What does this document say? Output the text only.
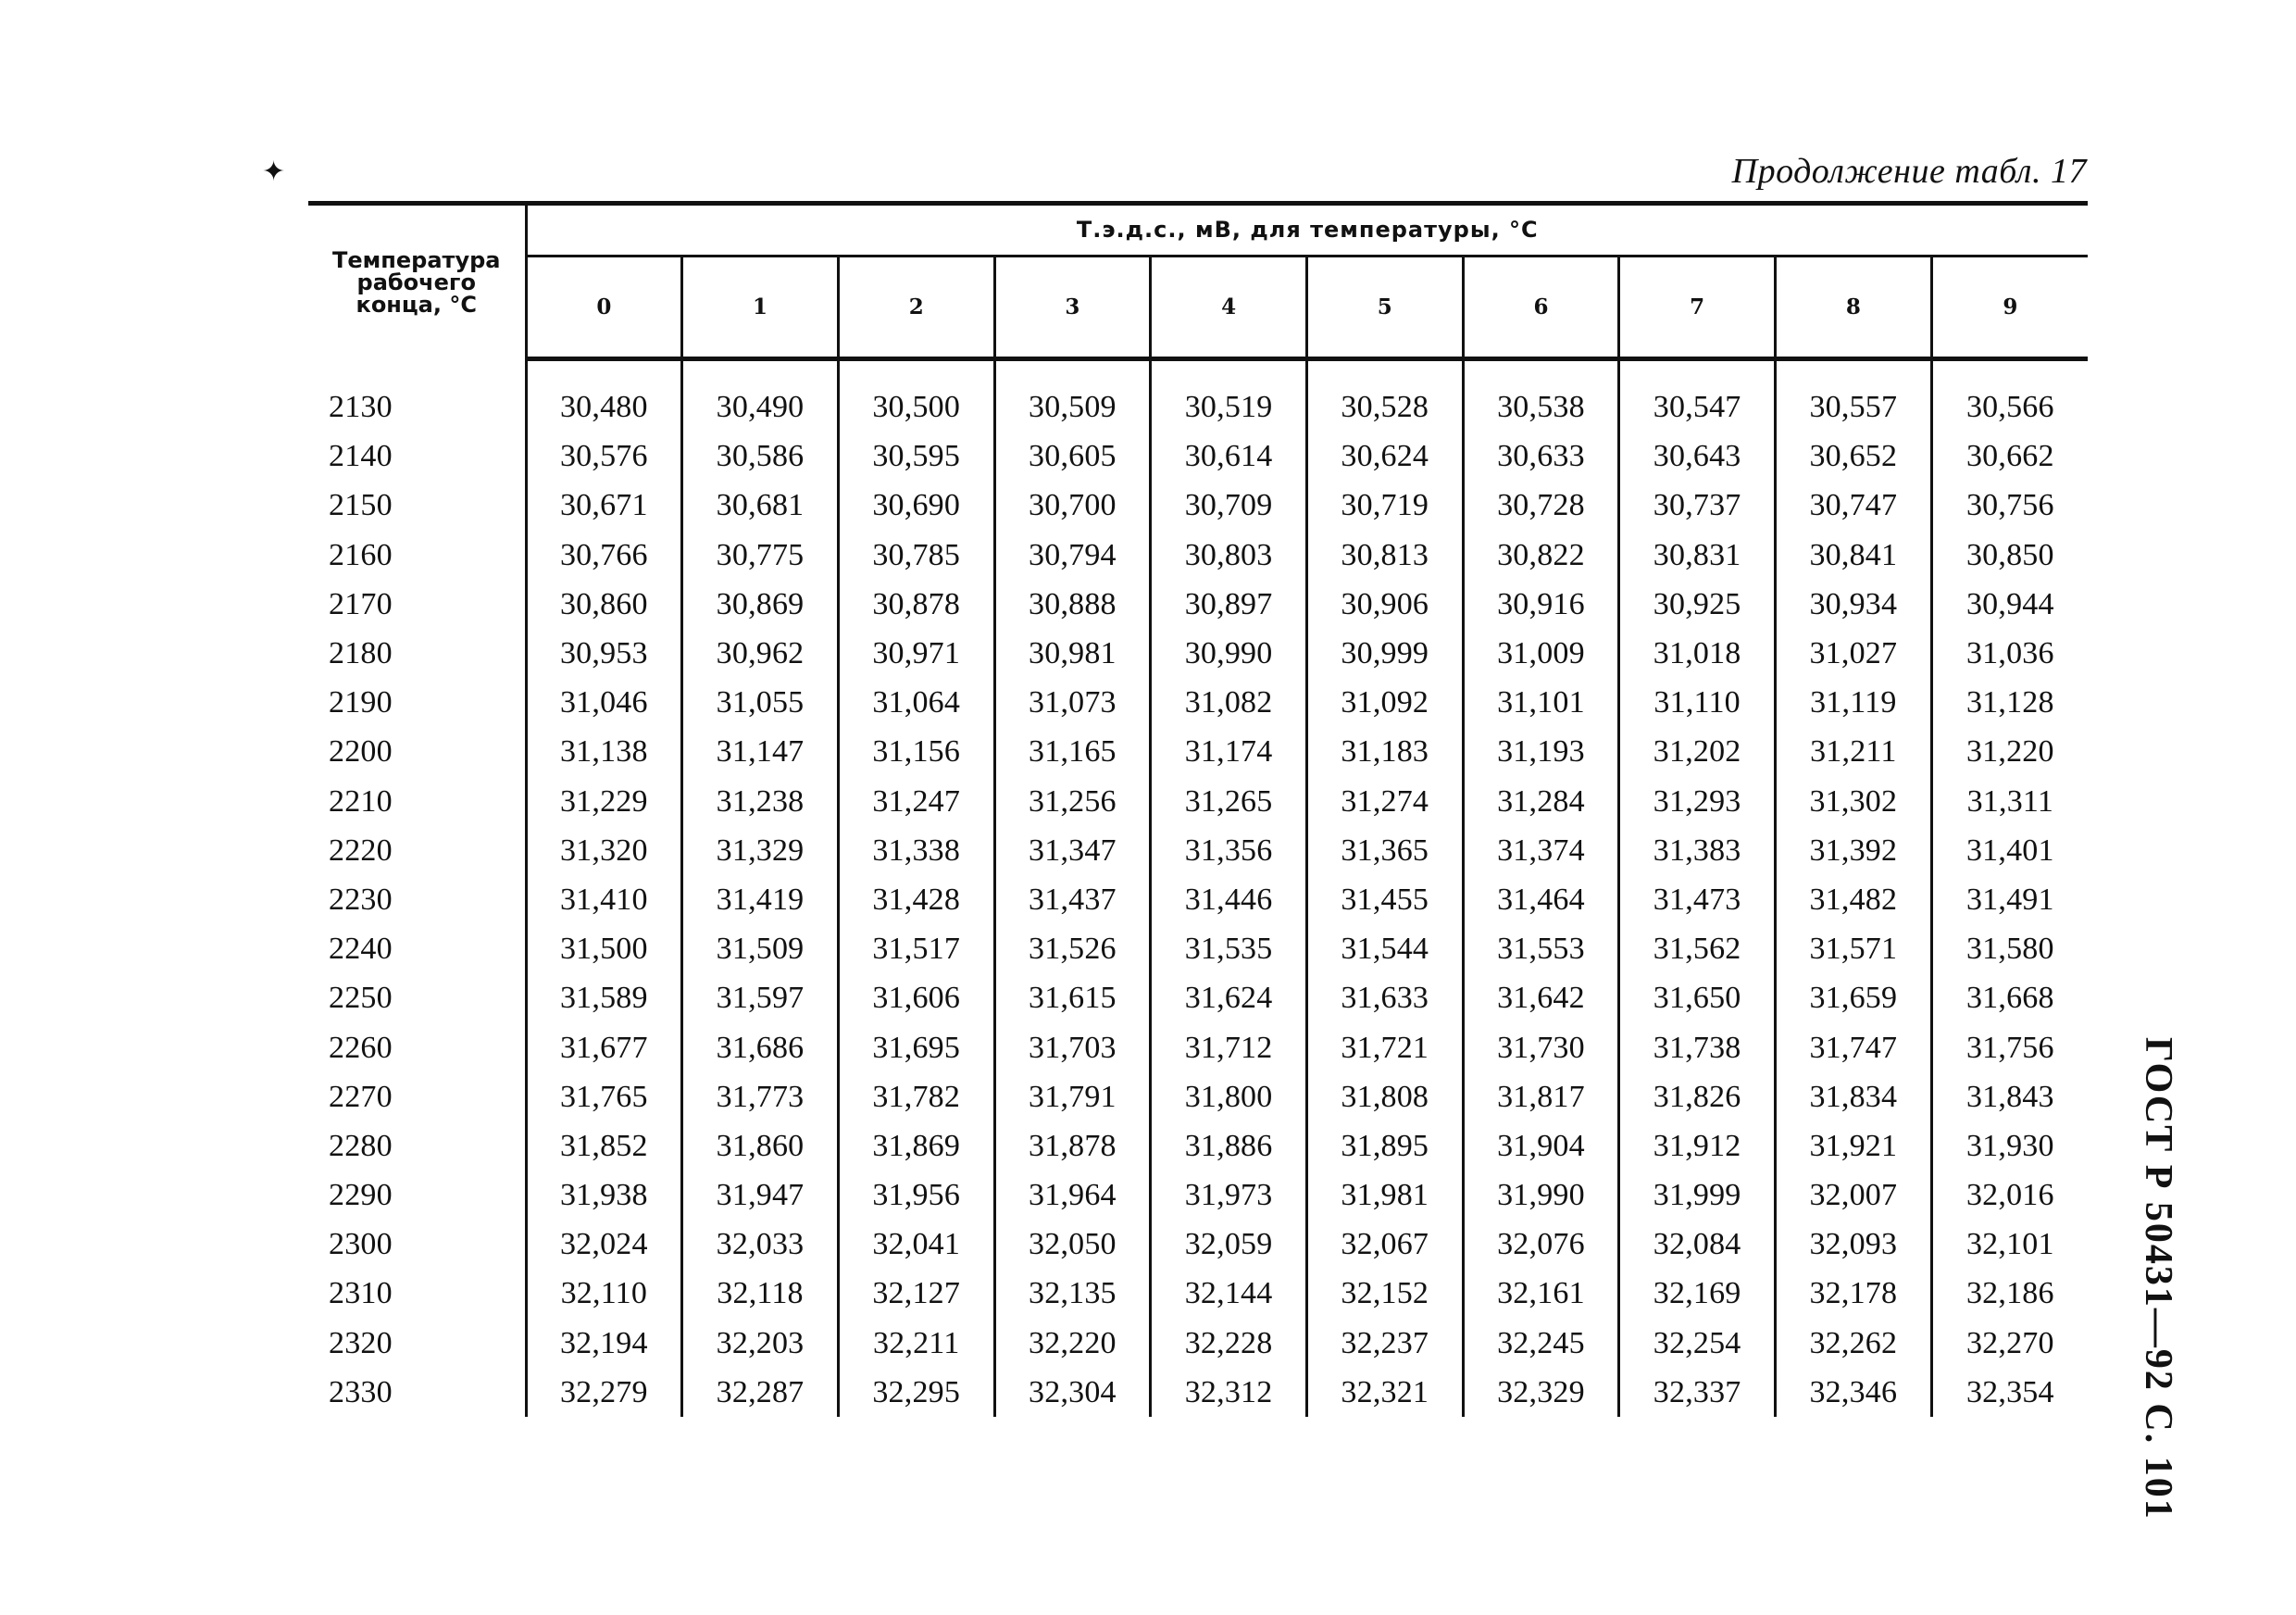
✦	Продолжение табл. 17
ГОСТ Р 50431—92 С. 101
Температура
рабочего
конца, °С	Т.э.д.с., мВ, для температуры, °С									
	0	1	2	3	4	5	6	7	8	9

2130	30,480	30,490	30,500	30,509	30,519	30,528	30,538	30,547	30,557	30,566
2140	30,576	30,586	30,595	30,605	30,614	30,624	30,633	30,643	30,652	30,662
2150	30,671	30,681	30,690	30,700	30,709	30,719	30,728	30,737	30,747	30,756
2160	30,766	30,775	30,785	30,794	30,803	30,813	30,822	30,831	30,841	30,850
2170	30,860	30,869	30,878	30,888	30,897	30,906	30,916	30,925	30,934	30,944
2180	30,953	30,962	30,971	30,981	30,990	30,999	31,009	31,018	31,027	31,036
2190	31,046	31,055	31,064	31,073	31,082	31,092	31,101	31,110	31,119	31,128
2200	31,138	31,147	31,156	31,165	31,174	31,183	31,193	31,202	31,211	31,220
2210	31,229	31,238	31,247	31,256	31,265	31,274	31,284	31,293	31,302	31,311
2220	31,320	31,329	31,338	31,347	31,356	31,365	31,374	31,383	31,392	31,401
2230	31,410	31,419	31,428	31,437	31,446	31,455	31,464	31,473	31,482	31,491
2240	31,500	31,509	31,517	31,526	31,535	31,544	31,553	31,562	31,571	31,580
2250	31,589	31,597	31,606	31,615	31,624	31,633	31,642	31,650	31,659	31,668
2260	31,677	31,686	31,695	31,703	31,712	31,721	31,730	31,738	31,747	31,756
2270	31,765	31,773	31,782	31,791	31,800	31,808	31,817	31,826	31,834	31,843
2280	31,852	31,860	31,869	31,878	31,886	31,895	31,904	31,912	31,921	31,930
2290	31,938	31,947	31,956	31,964	31,973	31,981	31,990	31,999	32,007	32,016
2300	32,024	32,033	32,041	32,050	32,059	32,067	32,076	32,084	32,093	32,101
2310	32,110	32,118	32,127	32,135	32,144	32,152	32,161	32,169	32,178	32,186
2320	32,194	32,203	32,211	32,220	32,228	32,237	32,245	32,254	32,262	32,270
2330	32,279	32,287	32,295	32,304	32,312	32,321	32,329	32,337	32,346	32,354
